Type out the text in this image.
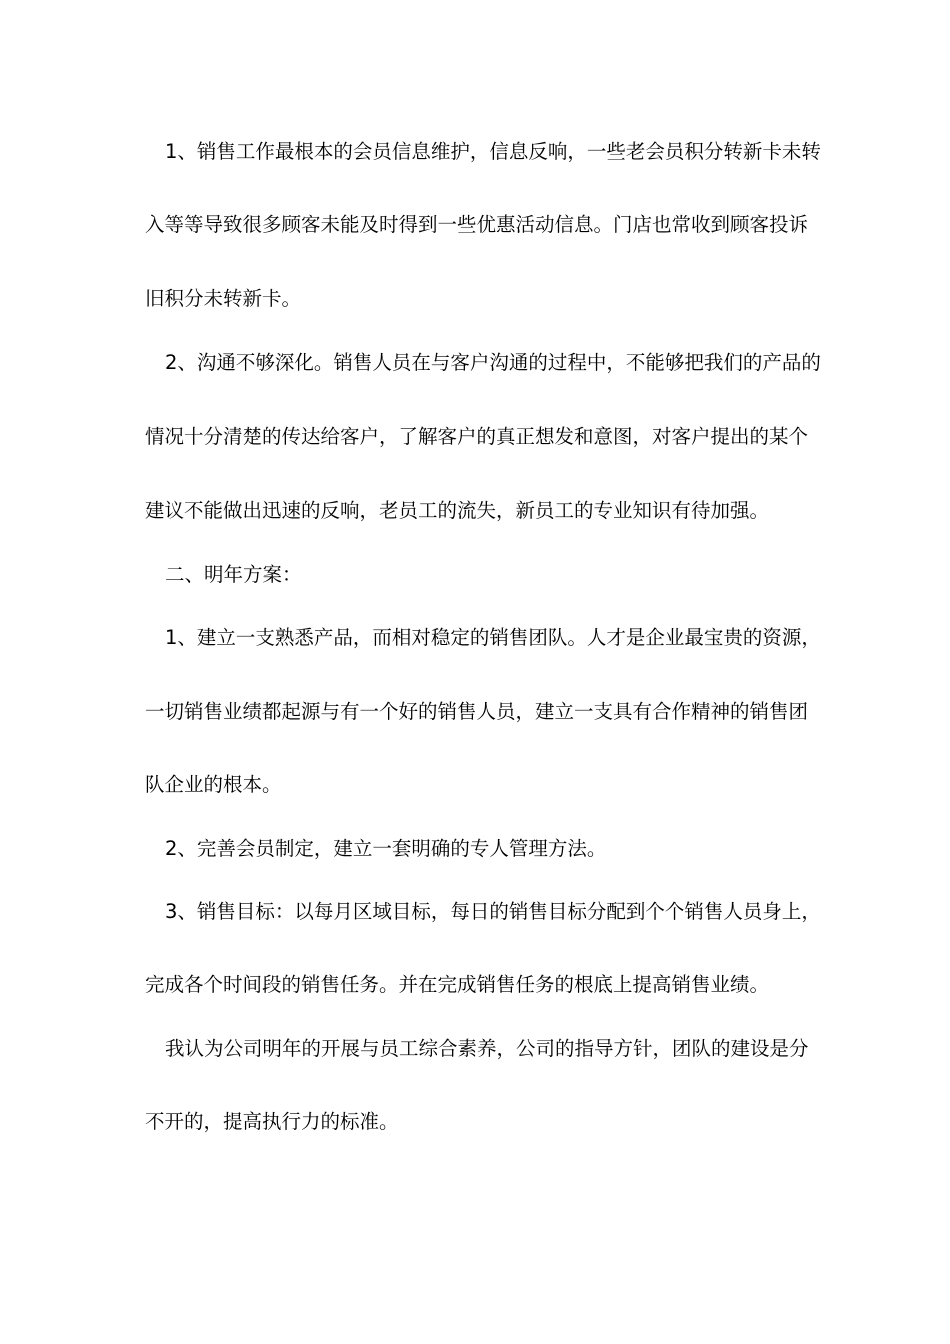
1、销售工作最根本的会员信息维护，信息反响，一些老会员积分转新卡未转
入等等导致很多顾客未能及时得到一些优惠活动信息。门店也常收到顾客投诉
旧积分未转新卡。
2、沟通不够深化。销售人员在与客户沟通的过程中，不能够把我们的产品的
情况十分清楚的传达给客户，了解客户的真正想发和意图，对客户提出的某个
建议不能做出迅速的反响，老员工的流失，新员工的专业知识有待加强。
二、明年方案：
1、建立一支熟悉产品，而相对稳定的销售团队。人才是企业最宝贵的资源，
一切销售业绩都起源与有一个好的销售人员，建立一支具有合作精神的销售团
队企业的根本。
2、完善会员制定，建立一套明确的专人管理方法。
3、销售目标：以每月区域目标，每日的销售目标分配到个个销售人员身上，
完成各个时间段的销售任务。并在完成销售任务的根底上提高销售业绩。
我认为公司明年的开展与员工综合素养，公司的指导方针，团队的建设是分
不开的，提高执行力的标准。
